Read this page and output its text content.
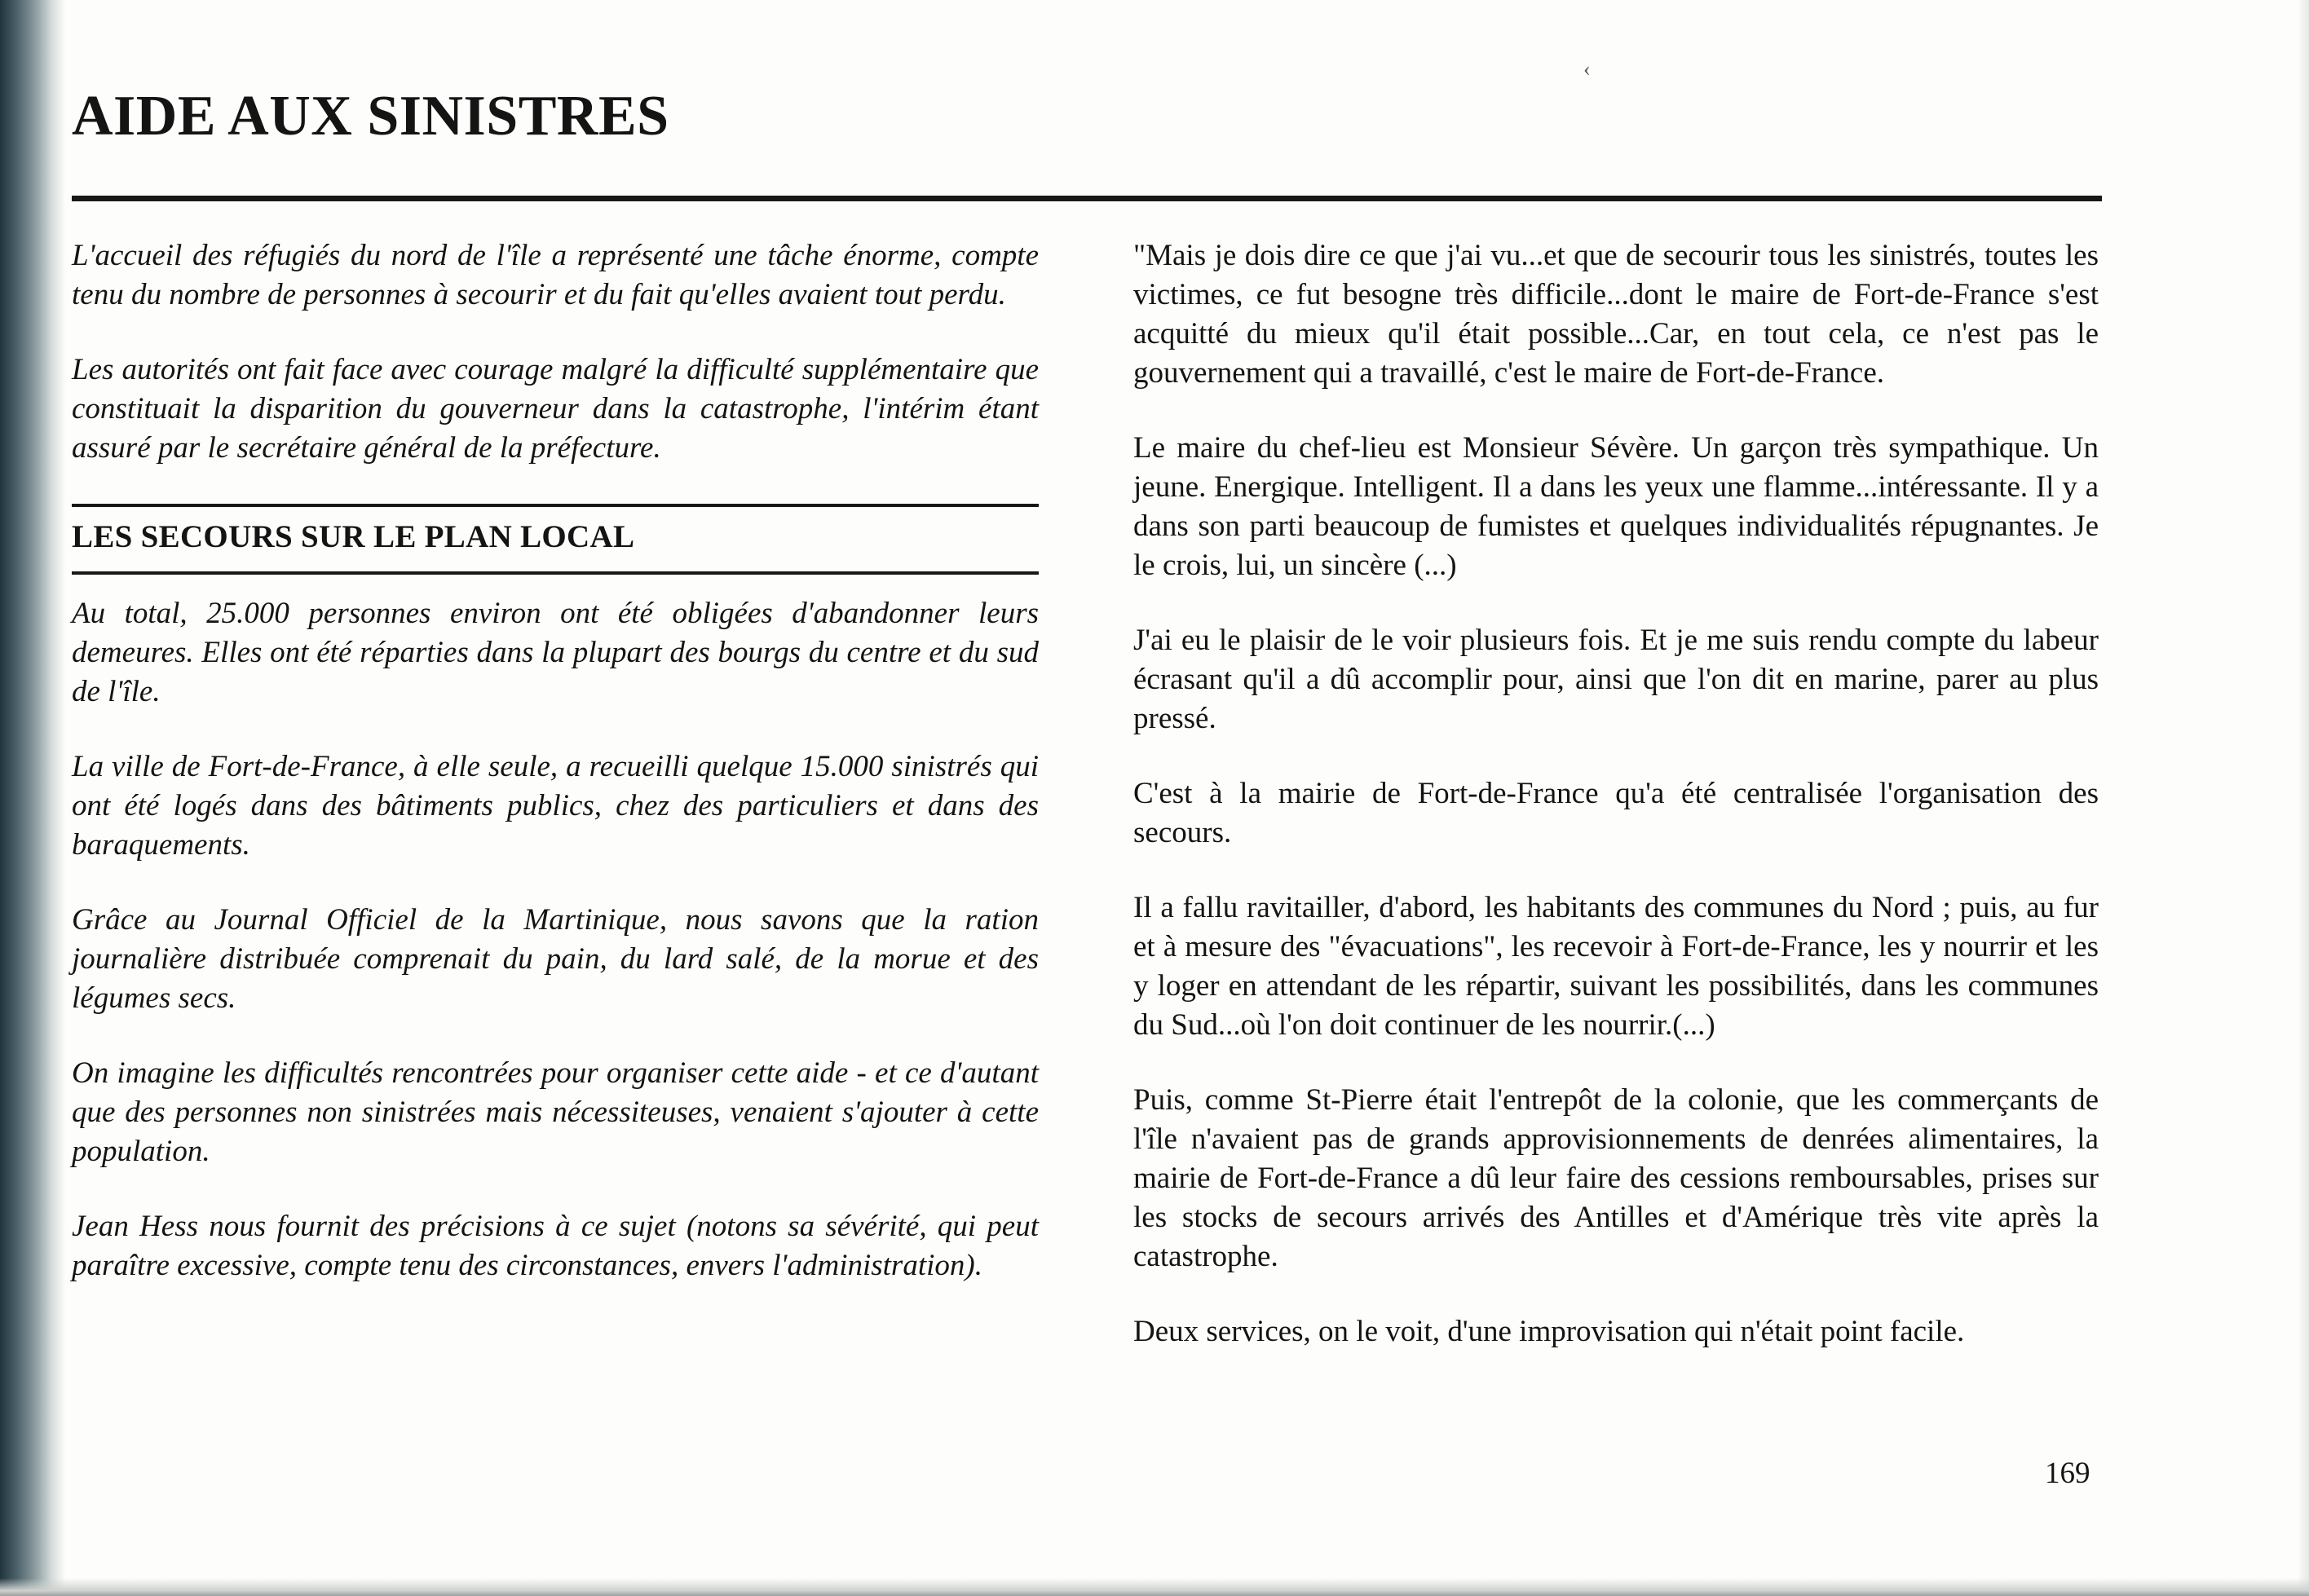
‹
AIDE AUX SINISTRES

L'accueil des réfugiés du nord de l'île a représenté une tâche énorme, compte tenu du nombre de personnes à secourir et du fait qu'elles avaient tout perdu.

Les autorités ont fait face avec courage malgré la difficulté supplémentaire que constituait la disparition du gouverneur dans la catastrophe, l'intérim étant assuré par le secrétaire général de la préfecture.

LES SECOURS SUR LE PLAN LOCAL

Au total, 25.000 personnes environ ont été obligées d'abandonner leurs demeures. Elles ont été réparties dans la plupart des bourgs du centre et du sud de l'île.

La ville de Fort-de-France, à elle seule, a recueilli quelque 15.000 sinistrés qui ont été logés dans des bâtiments publics, chez des particuliers et dans des baraquements.

Grâce au Journal Officiel de la Martinique, nous savons que la ration journalière distribuée comprenait du pain, du lard salé, de la morue et des légumes secs.

On imagine les difficultés rencontrées pour organiser cette aide - et ce d'autant que des personnes non sinistrées mais nécessiteuses, venaient s'ajouter à cette population.

Jean Hess nous fournit des précisions à ce sujet (notons sa sévérité, qui peut paraître excessive, compte tenu des circonstances, envers l'administration).

"Mais je dois dire ce que j'ai vu...et que de secourir tous les sinistrés, toutes les victimes, ce fut besogne très difficile...dont le maire de Fort-de-France s'est acquitté du mieux qu'il était possible...Car, en tout cela, ce n'est pas le gouvernement qui a travaillé, c'est le maire de Fort-de-France.

Le maire du chef-lieu est Monsieur Sévère. Un garçon très sympathique. Un jeune. Energique. Intelligent. Il a dans les yeux une flamme...intéressante. Il y a dans son parti beaucoup de fumistes et quelques individualités répugnantes. Je le crois, lui, un sincère (...)

J'ai eu le plaisir de le voir plusieurs fois. Et je me suis rendu compte du labeur écrasant qu'il a dû accomplir pour, ainsi que l'on dit en marine, parer au plus pressé.

C'est à la mairie de Fort-de-France qu'a été centralisée l'organisation des secours.

Il a fallu ravitailler, d'abord, les habitants des communes du Nord ; puis, au fur et à mesure des "évacuations", les recevoir à Fort-de-France, les y nourrir et les y loger en attendant de les répartir, suivant les possibilités, dans les communes du Sud...où l'on doit continuer de les nourrir.(...)

Puis, comme St-Pierre était l'entrepôt de la colonie, que les commerçants de l'île n'avaient pas de grands approvisionnements de denrées alimentaires, la mairie de Fort-de-France a dû leur faire des cessions remboursables, prises sur les stocks de secours arrivés des Antilles et d'Amérique très vite après la catastrophe.

Deux services, on le voit, d'une improvisation qui n'était point facile.

169
